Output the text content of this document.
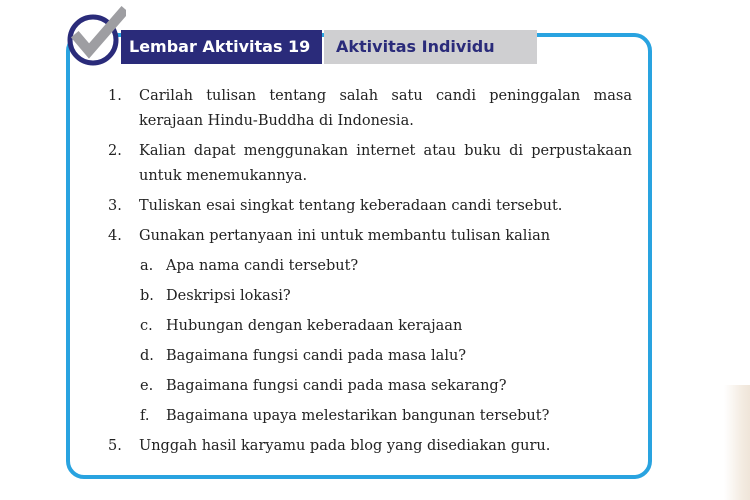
Lembar Aktivitas 19	Aktivitas Individu
1. Carilah tulisan tentang salah satu candi peninggalan masa kerajaan Hindu-Buddha di Indonesia.
2. Kalian dapat menggunakan internet atau buku di perpustakaan untuk menemukannya.
3. Tuliskan esai singkat tentang keberadaan candi tersebut.
4. Gunakan pertanyaan ini untuk membantu tulisan kalian
a. Apa nama candi tersebut?
b. Deskripsi lokasi?
c. Hubungan dengan keberadaan kerajaan
d. Bagaimana fungsi candi pada masa lalu?
e. Bagaimana fungsi candi pada masa sekarang?
f. Bagaimana upaya melestarikan bangunan tersebut?
5. Unggah hasil karyamu pada blog yang disediakan guru.
